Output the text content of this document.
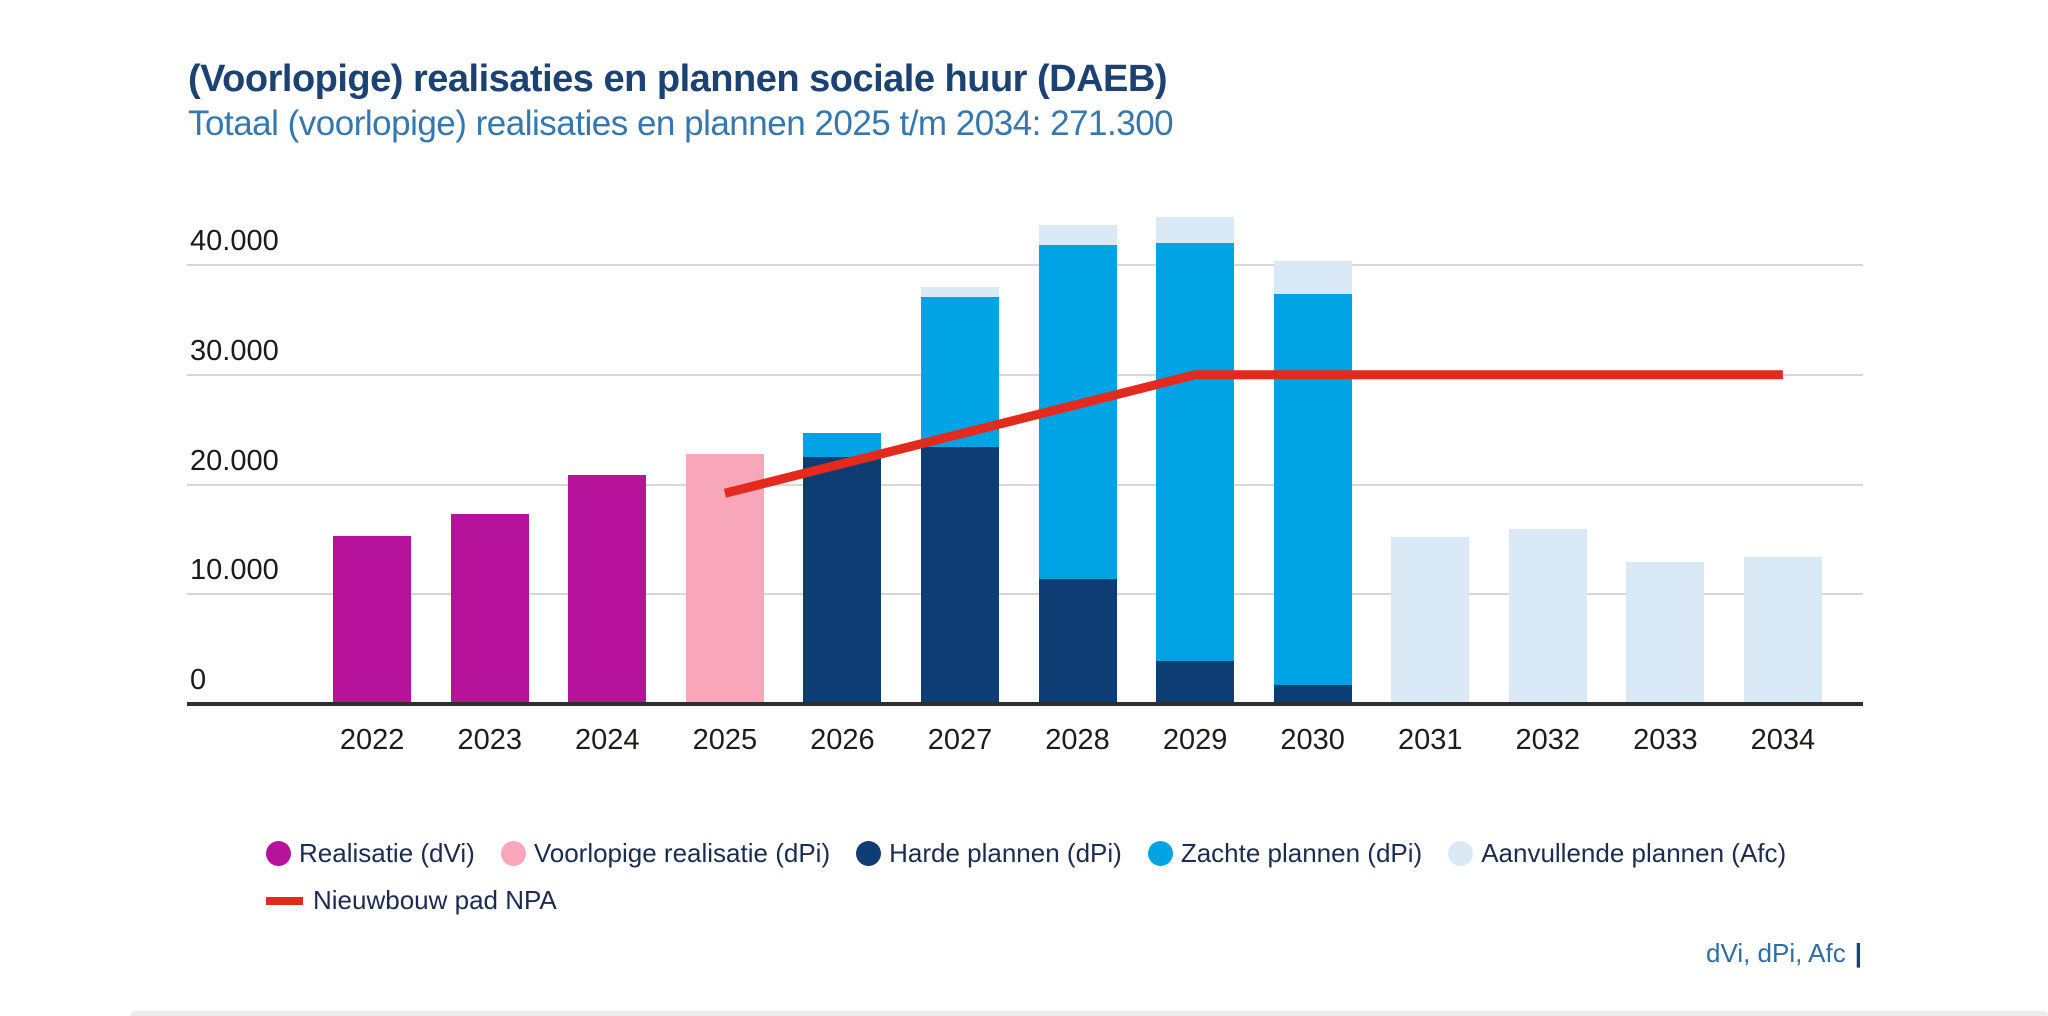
(Voorlopige) realisaties en plannen sociale huur (DAEB)
Totaal (voorlopige) realisaties en plannen 2025 t/m 2034: 271.300
0
10.000
20.000
30.000
40.000
2022	2023	2024	2025	2026	2027	2028	2029	2030	2031	2032	2033	2034
Realisatie (dVi) Voorlopige realisatie (dPi) Harde plannen (dPi) Zachte plannen (dPi) Aanvullende plannen (Afc)
Nieuwbouw pad NPA
dVi, dPi, Afc |
